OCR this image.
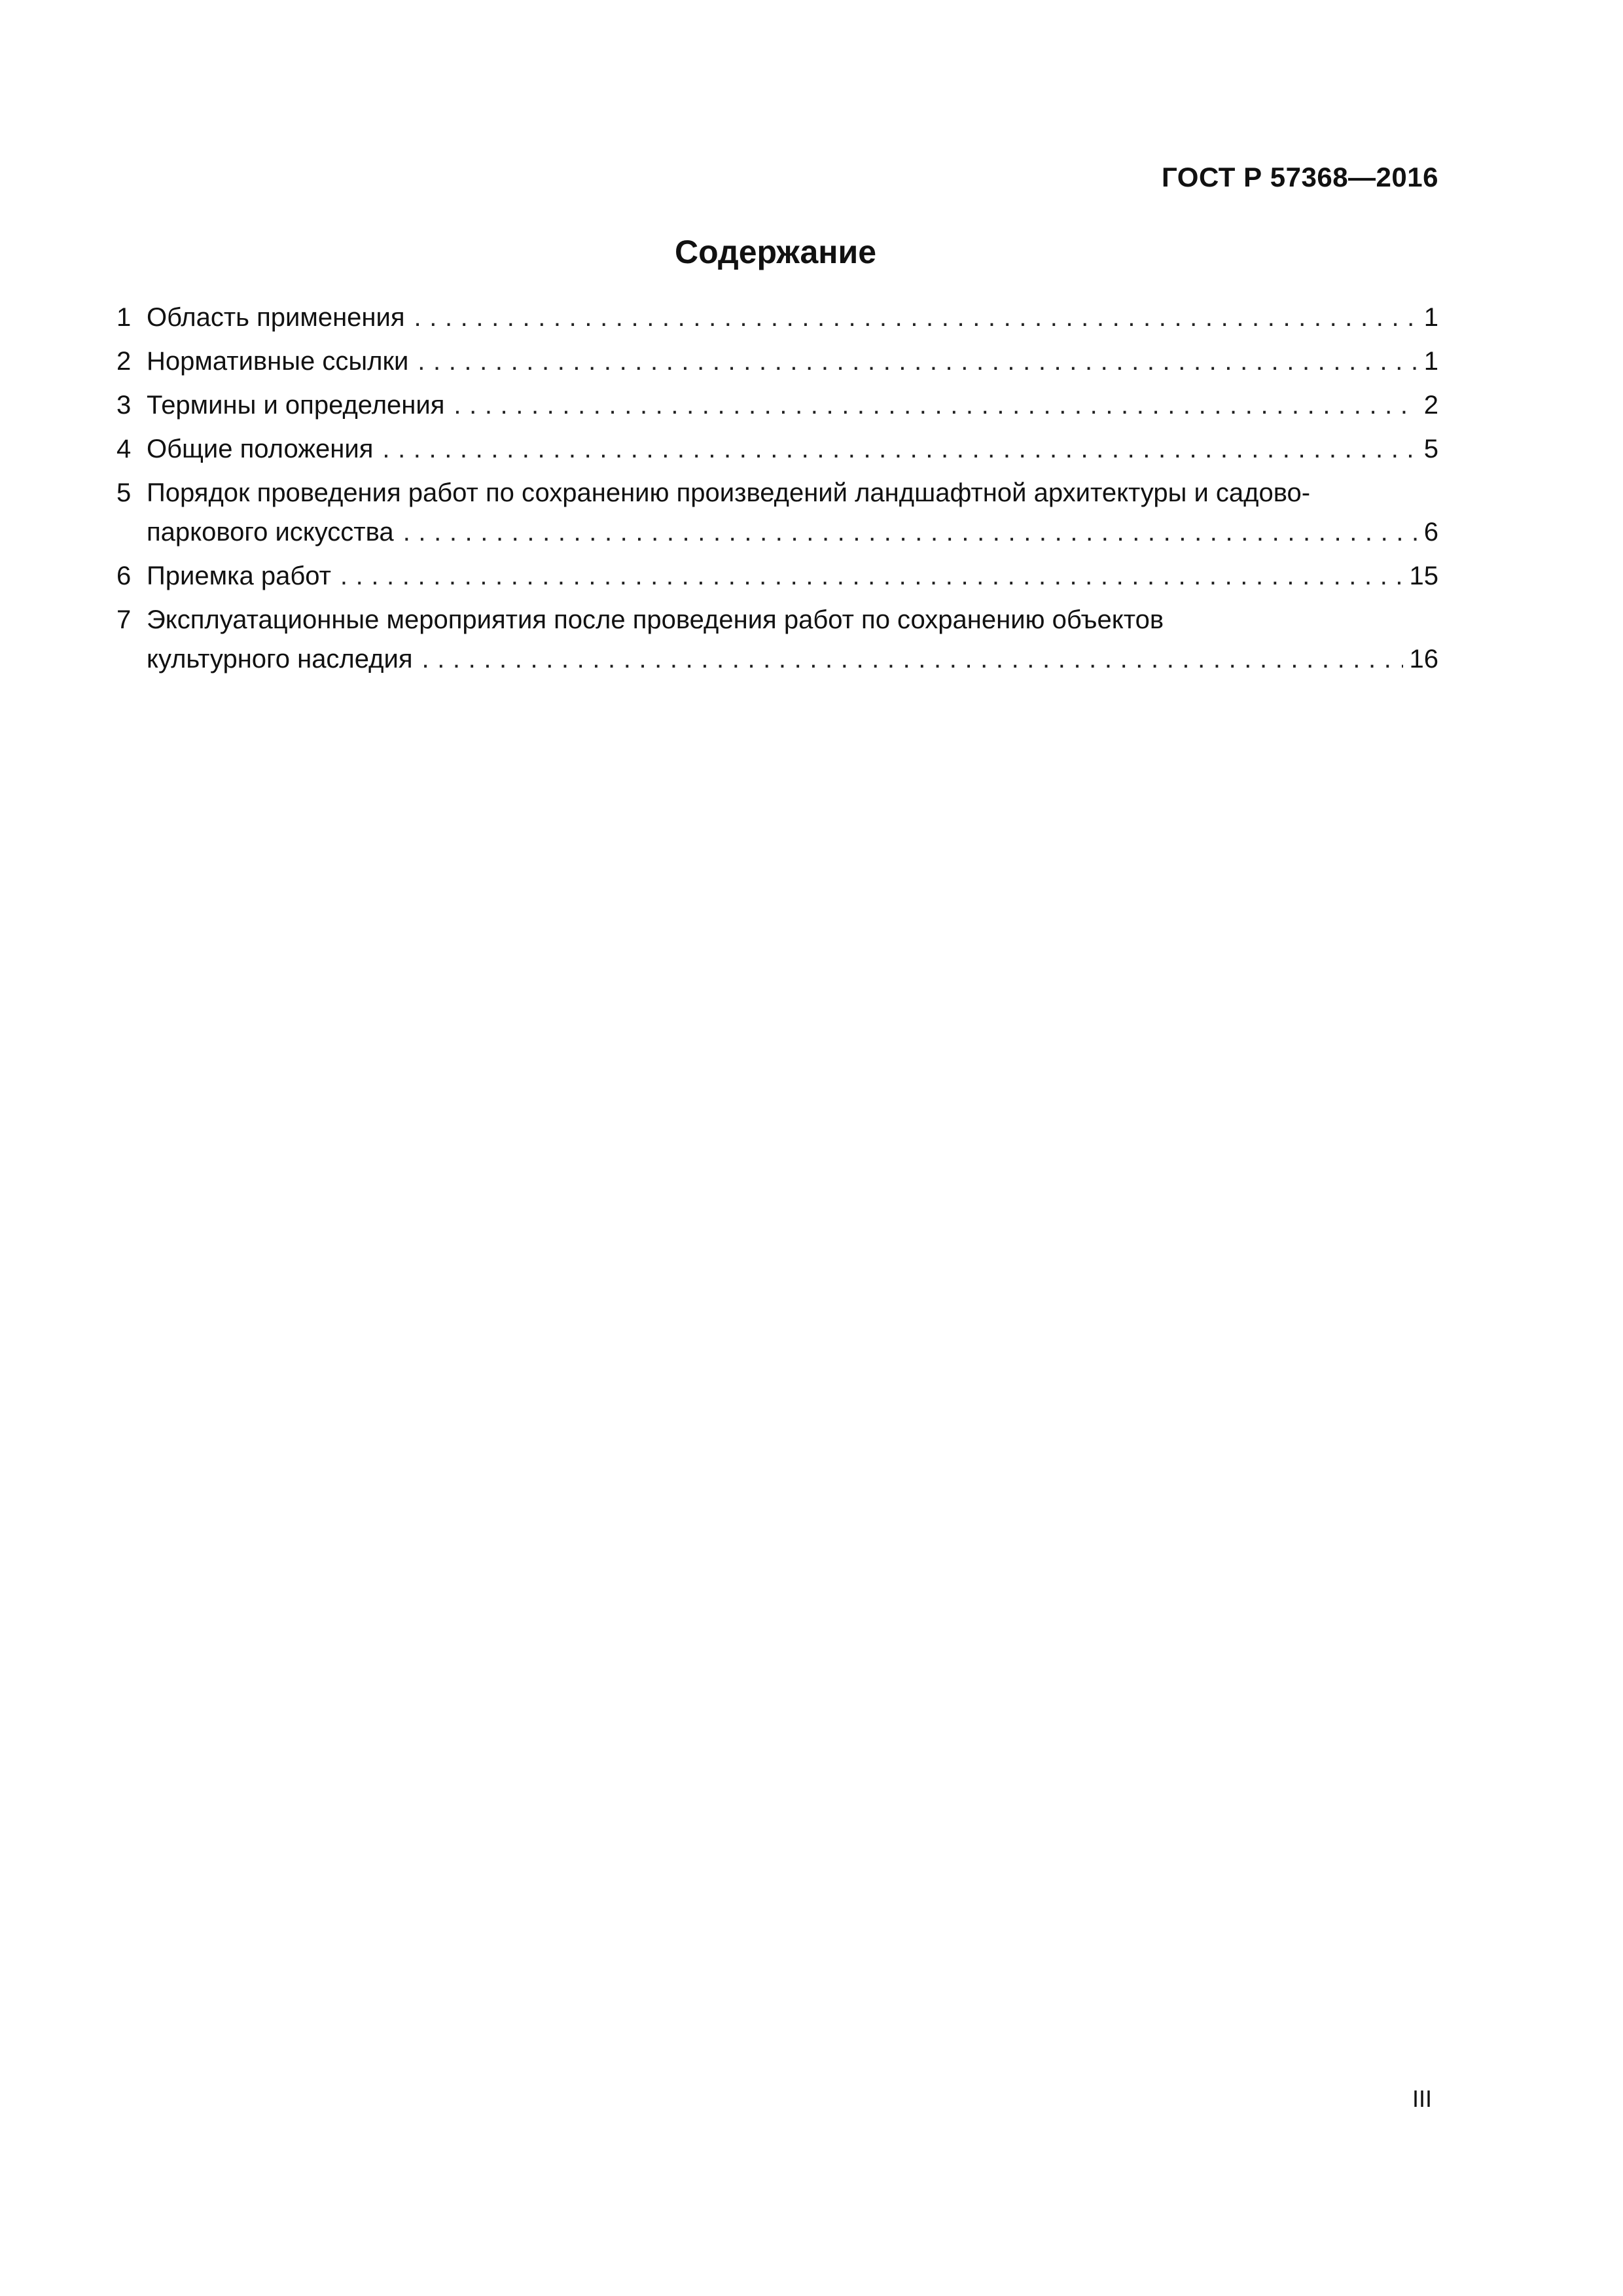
ГОСТ Р 57368—2016
Содержание
1 Область применения .....	1
2 Нормативные ссылки .....	1
3 Термины и определения .....	2
4 Общие положения .....	5
5 Порядок проведения работ по сохранению произведений ландшафтной архитектуры и садово-
паркового искусства .....	6
6 Приемка работ .....	15
7 Эксплуатационные мероприятия после проведения работ по сохранению объектов
культурного наследия .....	16
III
